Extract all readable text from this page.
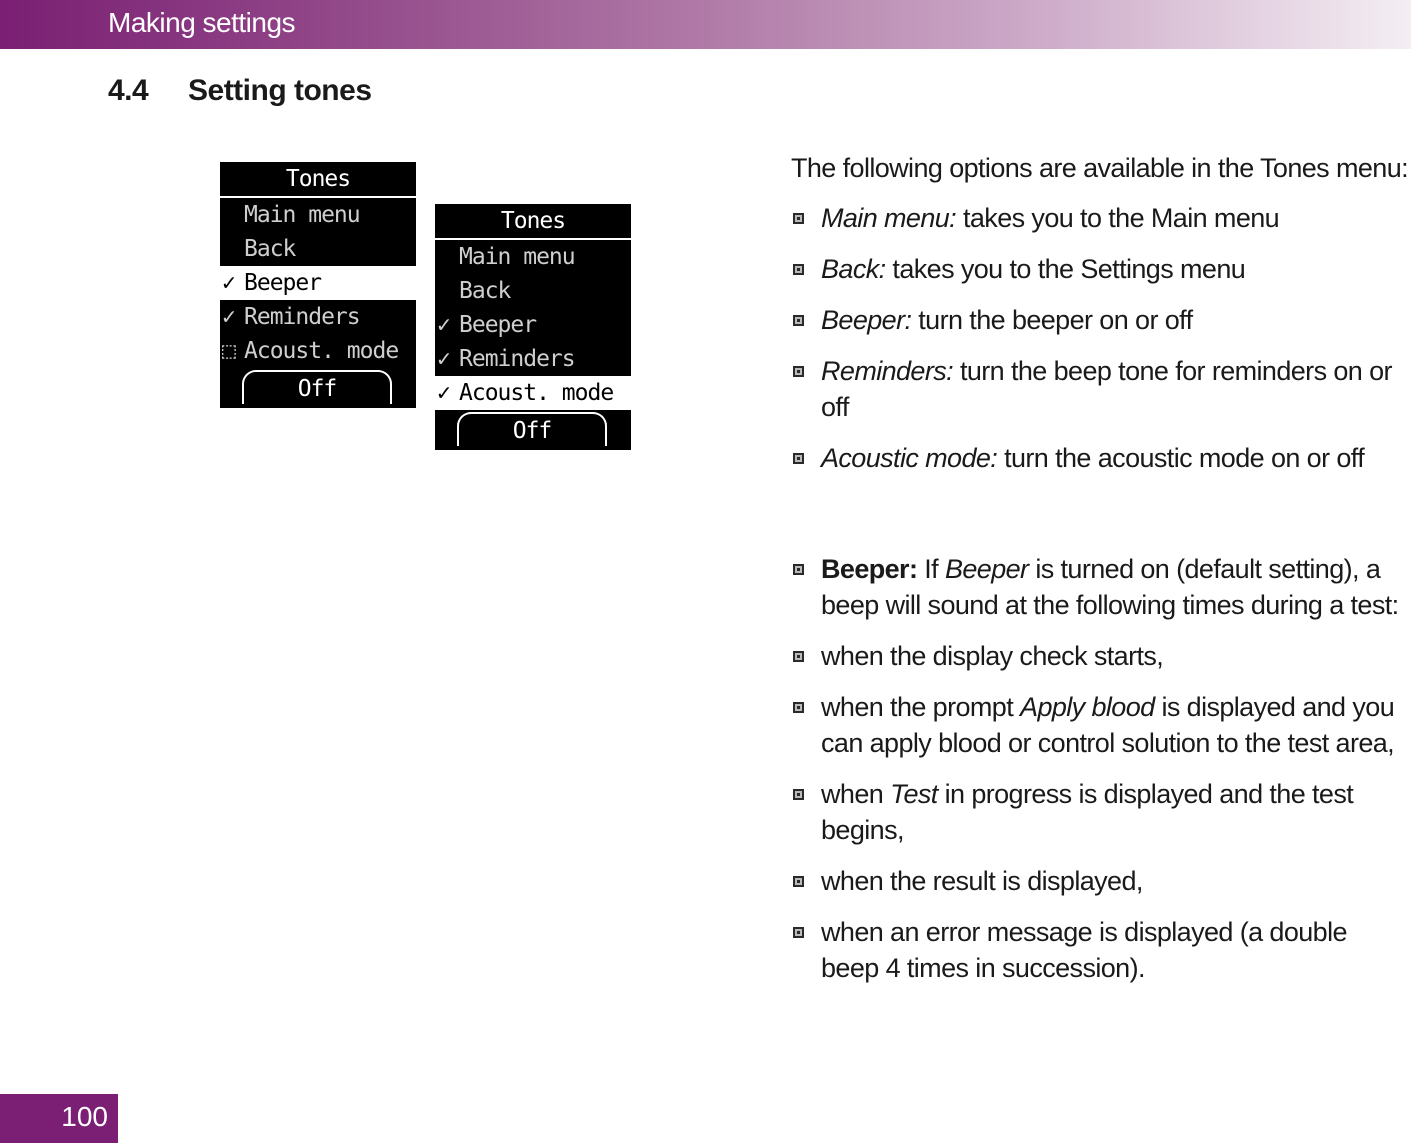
Making settings
4.4 Setting tones
Tones
Main menu
Back
✓ Beeper
✓ Reminders
⬚ Acoust. mode
Off
Tones
Main menu
Back
✓ Beeper
✓ Reminders
✓ Acoust. mode
Off

The following options are available in the Tones menu:

Main menu: takes you to the Main menu
Back: takes you to the Settings menu
Beeper: turn the beeper on or off
Reminders: turn the beep tone for reminders on or off
Acoustic mode: turn the acoustic mode on or off
Beeper: If Beeper is turned on (default setting), a beep will sound at the following times during a test:
when the display check starts,
when the prompt Apply blood is displayed and you can apply blood or control solution to the test area,
when Test in progress is displayed and the test begins,
when the result is displayed,
when an error message is displayed (a double beep 4 times in succession).
100
